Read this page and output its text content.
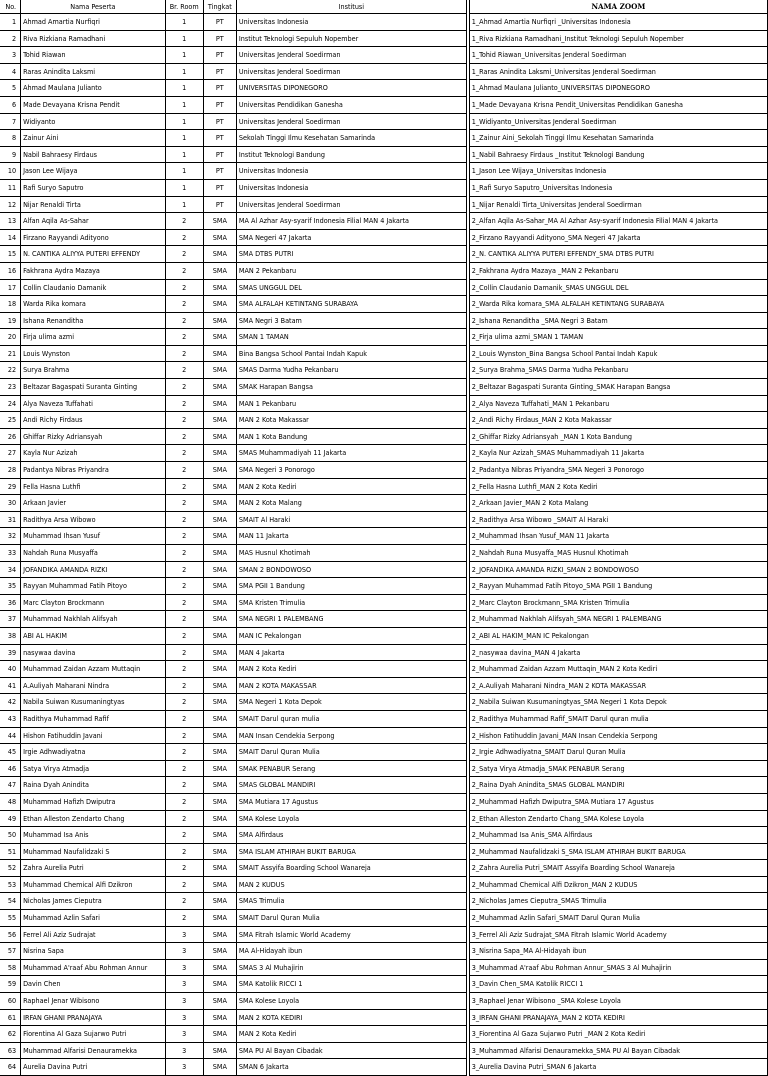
No.	Nama Peserta	Br. Room	Tingkat	Institusi		NAMA ZOOM
1	Ahmad Amartia Nurfiqri	1	PT	Universitas Indonesia		1_Ahmad Amartia Nurfiqri _Universitas Indonesia
2	Riva Rizkiana Ramadhani	1	PT	Institut Teknologi Sepuluh Nopember		1_Riva Rizkiana Ramadhani_Institut Teknologi Sepuluh Nopember
3	Tohid Riawan	1	PT	Universitas Jenderal Soedirman		1_Tohid Riawan_Universitas Jenderal Soedirman
4	Raras Anindita Laksmi	1	PT	Universitas Jenderal Soedirman		1_Raras Anindita Laksmi_Universitas Jenderal Soedirman
5	Ahmad Maulana Julianto	1	PT	UNIVERSITAS DIPONEGORO		1_Ahmad Maulana Julianto_UNIVERSITAS DIPONEGORO
6	Made Devayana Krisna Pendit	1	PT	Universitas Pendidikan Ganesha		1_Made Devayana Krisna Pendit_Universitas Pendidikan Ganesha
7	Widiyanto	1	PT	Universitas Jenderal Soedirman		1_Widiyanto_Universitas Jenderal Soedirman
8	Zainur Aini	1	PT	Sekolah Tinggi Ilmu Kesehatan Samarinda		1_Zainur Aini_Sekolah Tinggi Ilmu Kesehatan Samarinda
9	Nabil Bahraesy Firdaus	1	PT	Institut Teknologi Bandung		1_Nabil Bahraesy Firdaus _Institut Teknologi Bandung
10	Jason Lee Wijaya	1	PT	Universitas Indonesia		1_Jason Lee Wijaya_Universitas Indonesia
11	Rafi Suryo Saputro	1	PT	Universitas Indonesia		1_Rafi Suryo Saputro_Universitas Indonesia
12	Nijar Renaldi Tirta	1	PT	Universitas Jenderal Soedirman		1_Nijar Renaldi Tirta_Universitas Jenderal Soedirman
13	Alfan Aqila As-Sahar	2	SMA	MA Al Azhar Asy-syarif Indonesia Filial MAN 4 Jakarta		2_Alfan Aqila As-Sahar_MA Al Azhar Asy-syarif Indonesia Filial MAN 4 Jakarta
14	Firzano Rayyandi Adityono	2	SMA	SMA Negeri 47 Jakarta		2_Firzano Rayyandi Adityono_SMA Negeri 47 Jakarta
15	N. CANTIKA ALIYYA PUTERI EFFENDY	2	SMA	SMA DTBS PUTRI		2_N. CANTIKA ALIYYA PUTERI EFFENDY_SMA DTBS PUTRI
16	Fakhrana Aydra Mazaya	2	SMA	MAN 2 Pekanbaru		2_Fakhrana Aydra Mazaya _MAN 2 Pekanbaru
17	Collin Claudanio Damanik	2	SMA	SMAS UNGGUL DEL		2_Collin Claudanio Damanik_SMAS UNGGUL DEL
18	Warda Rika komara	2	SMA	SMA ALFALAH KETINTANG SURABAYA		2_Warda Rika komara_SMA ALFALAH KETINTANG SURABAYA
19	Ishana Renanditha	2	SMA	SMA Negri 3 Batam		2_Ishana Renanditha _SMA Negri 3 Batam
20	Firja ulima azmi	2	SMA	SMAN 1 TAMAN		2_Firja ulima azmi_SMAN 1 TAMAN
21	Louis Wynston	2	SMA	Bina Bangsa School Pantai Indah Kapuk		2_Louis Wynston_Bina Bangsa School Pantai Indah Kapuk
22	Surya Brahma	2	SMA	SMAS Darma Yudha Pekanbaru		2_Surya Brahma_SMAS Darma Yudha Pekanbaru
23	Beltazar Bagaspati Suranta Ginting	2	SMA	SMAK Harapan Bangsa		2_Beltazar Bagaspati Suranta Ginting_SMAK Harapan Bangsa
24	Alya Naveza Tuffahati	2	SMA	MAN 1 Pekanbaru		2_Alya Naveza Tuffahati_MAN 1 Pekanbaru
25	Andi Richy Firdaus	2	SMA	MAN 2 Kota Makassar		2_Andi Richy Firdaus_MAN 2 Kota Makassar
26	Ghiffar Rizky Adriansyah	2	SMA	MAN 1 Kota Bandung		2_Ghiffar Rizky Adriansyah _MAN 1 Kota Bandung
27	Kayla Nur Azizah	2	SMA	SMAS Muhammadiyah 11 Jakarta		2_Kayla Nur Azizah_SMAS Muhammadiyah 11 Jakarta
28	Padantya Nibras Priyandra	2	SMA	SMA Negeri 3 Ponorogo		2_Padantya Nibras Priyandra_SMA Negeri 3 Ponorogo
29	Fella Hasna Luthfi	2	SMA	MAN 2 Kota Kediri		2_Fella Hasna Luthfi_MAN 2 Kota Kediri
30	Arkaan Javier	2	SMA	MAN 2 Kota Malang		2_Arkaan Javier_MAN 2 Kota Malang
31	Radithya Arsa Wibowo	2	SMA	SMAIT Al Haraki		2_Radithya Arsa Wibowo _SMAIT Al Haraki
32	Muhammad Ihsan Yusuf	2	SMA	MAN 11 Jakarta		2_Muhammad Ihsan Yusuf_MAN 11 Jakarta
33	Nahdah Runa Musyaffa	2	SMA	MAS Husnul Khotimah		2_Nahdah Runa Musyaffa_MAS Husnul Khotimah
34	JOFANDIKA AMANDA RIZKI	2	SMA	SMAN 2 BONDOWOSO		2_JOFANDIKA AMANDA RIZKI_SMAN 2 BONDOWOSO
35	Rayyan Muhammad Fatih Pitoyo	2	SMA	SMA PGII 1 Bandung		2_Rayyan Muhammad Fatih Pitoyo_SMA PGII 1 Bandung
36	Marc Clayton Brockmann	2	SMA	SMA Kristen Trimulia		2_Marc Clayton Brockmann_SMA Kristen Trimulia
37	Muhammad Nakhlah Alifsyah	2	SMA	SMA NEGRI 1 PALEMBANG		2_Muhammad Nakhlah Alifsyah_SMA NEGRI 1 PALEMBANG
38	ABI AL HAKIM	2	SMA	MAN IC Pekalongan		2_ABI AL HAKIM_MAN IC Pekalongan
39	nasywaa davina	2	SMA	MAN 4 Jakarta		2_nasywaa davina_MAN 4 Jakarta
40	Muhammad Zaidan Azzam Muttaqin	2	SMA	MAN 2 Kota Kediri		2_Muhammad Zaidan Azzam Muttaqin_MAN 2 Kota Kediri
41	A.Auliyah Maharani Nindra	2	SMA	MAN 2 KOTA MAKASSAR		2_A.Auliyah Maharani Nindra_MAN 2 KOTA MAKASSAR
42	Nabila Suiwan Kusumaningtyas	2	SMA	SMA Negeri 1 Kota Depok		2_Nabila Suiwan Kusumaningtyas_SMA Negeri 1 Kota Depok
43	Radithya Muhammad Rafif	2	SMA	SMAIT Darul quran mulia		2_Radithya Muhammad Rafif_SMAIT Darul quran mulia
44	Hishon Fatihuddin Javani	2	SMA	MAN Insan Cendekia Serpong		2_Hishon Fatihuddin Javani_MAN Insan Cendekia Serpong
45	Irgie Adhwadiyatna	2	SMA	SMAIT Darul Quran Mulia		2_Irgie Adhwadiyatna_SMAIT Darul Quran Mulia
46	Satya Virya Atmadja	2	SMA	SMAK PENABUR Serang		2_Satya Virya Atmadja_SMAK PENABUR Serang
47	Raina Dyah Anindita	2	SMA	SMAS GLOBAL MANDIRI		2_Raina Dyah Anindita_SMAS GLOBAL MANDIRI
48	Muhammad Hafizh Dwiputra	2	SMA	SMA Mutiara 17 Agustus		2_Muhammad Hafizh Dwiputra_SMA Mutiara 17 Agustus
49	Ethan Alleston Zendarto Chang	2	SMA	SMA Kolese Loyola		2_Ethan Alleston Zendarto Chang_SMA Kolese Loyola
50	Muhammad Isa Anis	2	SMA	SMA Alfirdaus		2_Muhammad Isa Anis_SMA Alfirdaus
51	Muhammad Naufalidzaki S	2	SMA	SMA ISLAM ATHIRAH BUKIT BARUGA		2_Muhammad Naufalidzaki S_SMA ISLAM ATHIRAH BUKIT BARUGA
52	Zahra Aurelia Putri	2	SMA	SMAIT Assyifa Boarding School Wanareja		2_Zahra Aurelia Putri_SMAIT Assyifa Boarding School Wanareja
53	Muhammad Chemical Alfi Dzikron	2	SMA	MAN 2 KUDUS		2_Muhammad Chemical Alfi Dzikron_MAN 2 KUDUS
54	Nicholas James Cieputra	2	SMA	SMAS Trimulia		2_Nicholas James Cieputra_SMAS Trimulia
55	Muhammad Azlin Safari	2	SMA	SMAIT Darul Quran Mulia		2_Muhammad Azlin Safari_SMAIT Darul Quran Mulia
56	Ferrel Ali Aziz Sudrajat	3	SMA	SMA Fitrah Islamic World Academy		3_Ferrel Ali Aziz Sudrajat_SMA Fitrah Islamic World Academy
57	Nisrina Sapa	3	SMA	MA Al-Hidayah ibun		3_Nisrina Sapa_MA Al-Hidayah ibun
58	Muhammad A'raaf Abu Rohman Annur	3	SMA	SMAS 3 Al Muhajirin		3_Muhammad A'raaf Abu Rohman Annur_SMAS 3 Al Muhajirin
59	Davin Chen	3	SMA	SMA Katolik RICCI 1		3_Davin Chen_SMA Katolik RICCI 1
60	Raphael Jenar Wibisono	3	SMA	SMA Kolese Loyola		3_Raphael Jenar Wibisono _SMA Kolese Loyola
61	IRFAN GHANI PRANAJAYA	3	SMA	MAN 2 KOTA KEDIRI		3_IRFAN GHANI PRANAJAYA_MAN 2 KOTA KEDIRI
62	Fiorentina Al Gaza Sujarwo Putri	3	SMA	MAN 2 Kota Kediri		3_Fiorentina Al Gaza Sujarwo Putri _MAN 2 Kota Kediri
63	Muhammad Alfarisi Denauramekka	3	SMA	SMA PU Al Bayan Cibadak		3_Muhammad Alfarisi Denauramekka_SMA PU Al Bayan Cibadak
64	Aurelia Davina Putri	3	SMA	SMAN 6 Jakarta		3_Aurelia Davina Putri_SMAN 6 Jakarta
